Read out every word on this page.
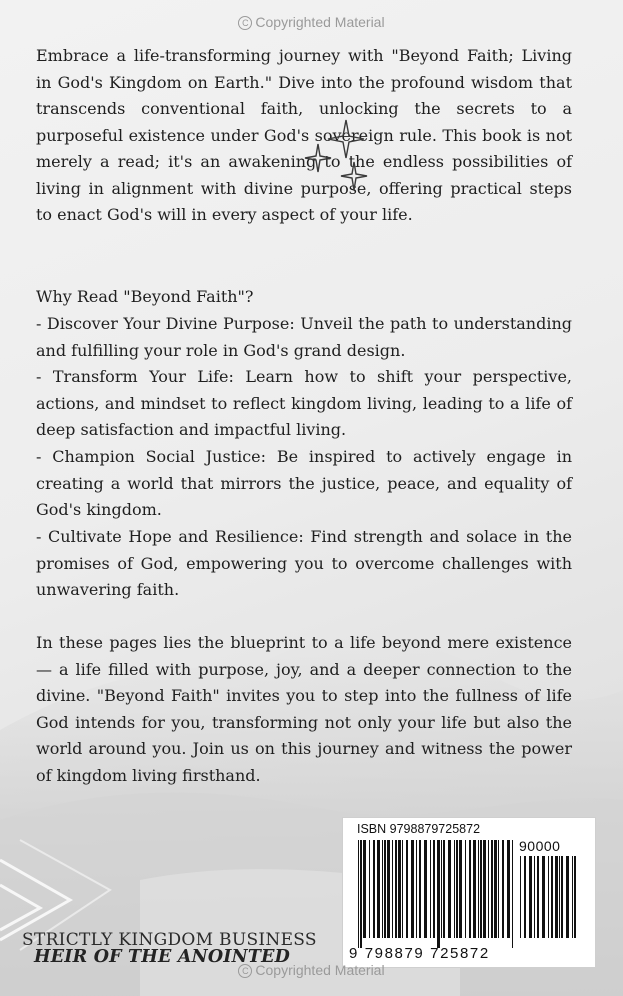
C Copyrighted Material

Embrace a life-transforming journey with "Beyond Faith; Living in God's Kingdom on Earth." Dive into the profound wisdom that transcends conventional faith, unlocking the secrets to a purposeful existence under God's sovereign rule. This book is not merely a read; it's an awakening to the endless possibilities of living in alignment with divine purpose, offering practical steps to enact God's will in every aspect of your life.

Why Read "Beyond Faith"?

- Discover Your Divine Purpose: Unveil the path to understanding and fulfilling your role in God's grand design.

- Transform Your Life: Learn how to shift your perspective, actions, and mindset to reflect kingdom living, leading to a life of deep satisfaction and impactful living.

- Champion Social Justice: Be inspired to actively engage in creating a world that mirrors the justice, peace, and equality of God's kingdom.

- Cultivate Hope and Resilience: Find strength and solace in the promises of God, empowering you to overcome challenges with unwavering faith.

In these pages lies the blueprint to a life beyond mere existence — a life filled with purpose, joy, and a deeper connection to the divine. "Beyond Faith" invites you to step into the fullness of life God intends for you, transforming not only your life but also the world around you. Join us on this journey and witness the power of kingdom living firsthand.

ISBN 9798879725872
90000
9 798879 725872
STRICTLY KINGDOM BUSINESS
HEIR OF THE ANOINTED
C Copyrighted Material
